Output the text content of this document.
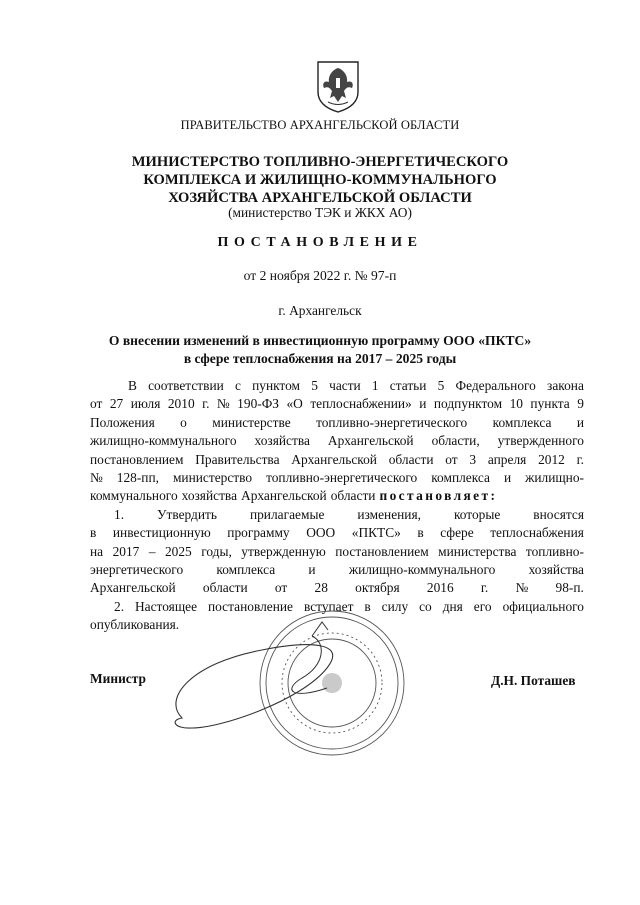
ПРАВИТЕЛЬСТВО АРХАНГЕЛЬСКОЙ ОБЛАСТИ
МИНИСТЕРСТВО ТОПЛИВНО-ЭНЕРГЕТИЧЕСКОГО
КОМПЛЕКСА И ЖИЛИЩНО-КОММУНАЛЬНОГО
ХОЗЯЙСТВА АРХАНГЕЛЬСКОЙ ОБЛАСТИ
(министерство ТЭК и ЖКХ АО)
ПОСТАНОВЛЕНИЕ
от 2 ноября 2022 г. № 97-п
г. Архангельск
О внесении изменений в инвестиционную программу ООО «ПКТС»
в сфере теплоснабжения на 2017 – 2025 годы
В соответствии с пунктом 5 части 1 статьи 5 Федерального закона
от 27 июля 2010 г. № 190-ФЗ «О теплоснабжении» и подпунктом 10 пункта 9
Положения о министерстве топливно-энергетического комплекса и
жилищно-коммунального хозяйства Архангельской области, утвержденного
постановлением Правительства Архангельской области от 3 апреля 2012 г.
№ 128-пп, министерство топливно-энергетического комплекса и жилищно-
коммунального хозяйства Архангельской области постановляет:
1. Утвердить прилагаемые изменения, которые вносятся
в инвестиционную программу ООО «ПКТС» в сфере теплоснабжения
на 2017 – 2025 годы, утвержденную постановлением министерства топливно-
энергетического комплекса и жилищно-коммунального хозяйства
Архангельской области от 28 октября 2016 г. № 98-п.
2. Настоящее постановление вступает в силу со дня его официального
опубликования.
Министр	Д.Н. Поташев
